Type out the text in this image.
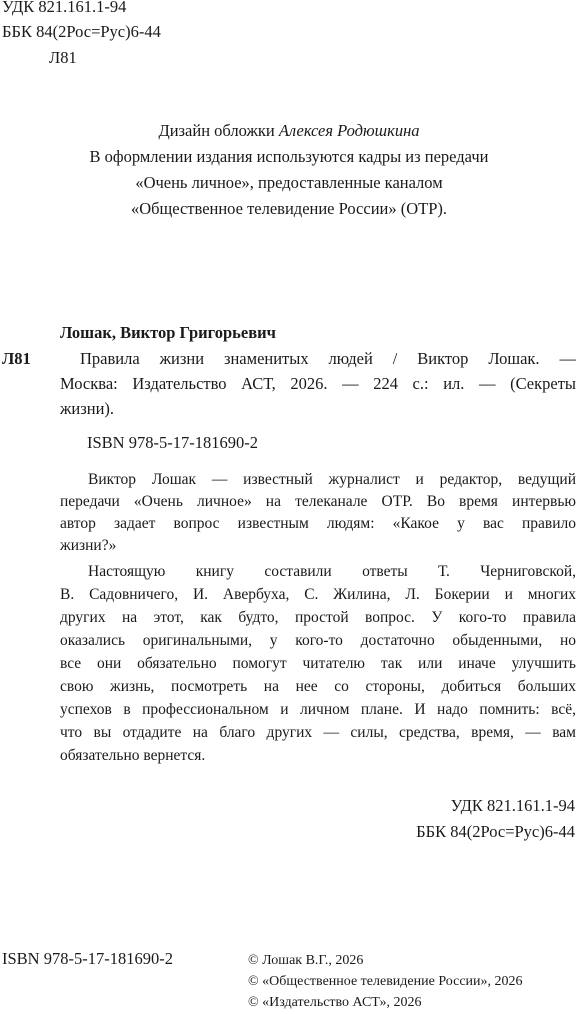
УДК 821.161.1-94
ББК 84(2Рос=Рус)6-44
Л81
Дизайн обложки Алексея Родюшкина
В оформлении издания используются кадры из передачи
«Очень личное», предоставленные каналом
«Общественное телевидение России» (ОТР).
Лошак, Виктор Григорьевич
Л81	Правила жизни знаменитых людей / Виктор Лошак. —
Москва: Издательство АСТ, 2026. — 224 с.: ил. — (Секреты
жизни).
ISBN 978-5-17-181690-2
Виктор Лошак — известный журналист и редактор, ведущий
передачи «Очень личное» на телеканале ОТР. Во время интервью
автор задает вопрос известным людям: «Какое у вас правило
жизни?»
Настоящую книгу составили ответы Т. Черниговской,
В. Садовничего, И. Авербуха, С. Жилина, Л. Бокерии и многих
других на этот, как будто, простой вопрос. У кого-то правила
оказались оригинальными, у кого-то достаточно обыденными, но
все они обязательно помогут читателю так или иначе улучшить
свою жизнь, посмотреть на нее со стороны, добиться больших
успехов в профессиональном и личном плане. И надо помнить: всё,
что вы отдадите на благо других — силы, средства, время, — вам
обязательно вернется.
УДК 821.161.1-94
ББК 84(2Рос=Рус)6-44
ISBN 978-5-17-181690-2	© Лошак В.Г., 2026
© «Общественное телевидение России», 2026
© «Издательство АСТ», 2026
